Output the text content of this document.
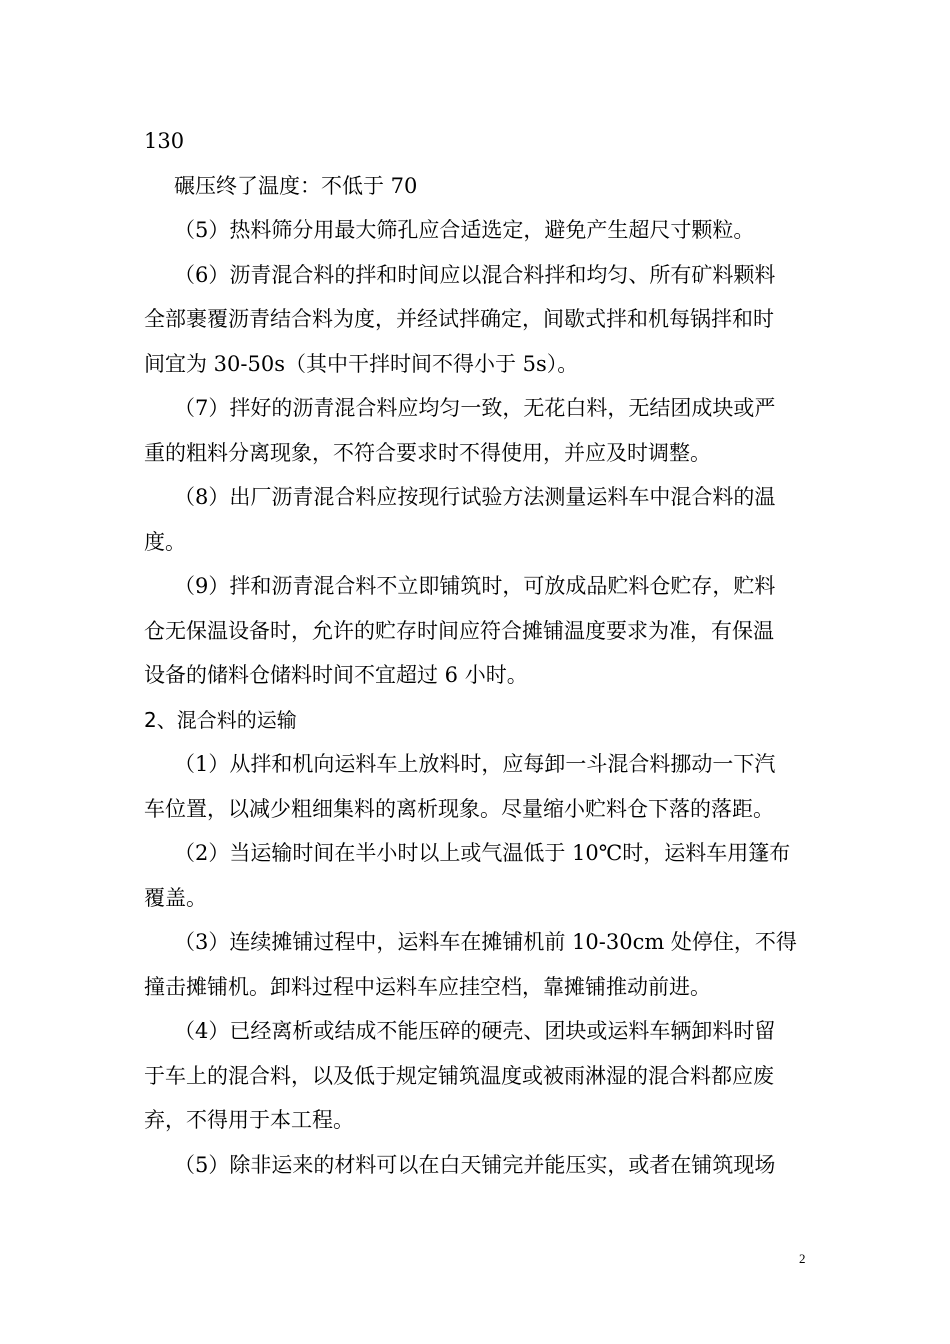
130

碾压终了温度：不低于 70

（5）热料筛分用最大筛孔应合适选定，避免产生超尺寸颗粒。

（6）沥青混合料的拌和时间应以混合料拌和均匀、所有矿料颗料

全部裹覆沥青结合料为度，并经试拌确定，间歇式拌和机每锅拌和时

间宜为 30-50s（其中干拌时间不得小于 5s）。

（7）拌好的沥青混合料应均匀一致，无花白料，无结团成块或严

重的粗料分离现象，不符合要求时不得使用，并应及时调整。

（8）出厂沥青混合料应按现行试验方法测量运料车中混合料的温

度。

（9）拌和沥青混合料不立即铺筑时，可放成品贮料仓贮存，贮料

仓无保温设备时，允许的贮存时间应符合摊铺温度要求为准，有保温

设备的储料仓储料时间不宜超过 6 小时。

2、混合料的运输

（1）从拌和机向运料车上放料时，应每卸一斗混合料挪动一下汽

车位置，以减少粗细集料的离析现象。尽量缩小贮料仓下落的落距。

（2）当运输时间在半小时以上或气温低于 10℃时，运料车用篷布

覆盖。

（3）连续摊铺过程中，运料车在摊铺机前 10-30cm 处停住，不得

撞击摊铺机。卸料过程中运料车应挂空档，靠摊铺推动前进。

（4）已经离析或结成不能压碎的硬壳、团块或运料车辆卸料时留

于车上的混合料，以及低于规定铺筑温度或被雨淋湿的混合料都应废

弃，不得用于本工程。

（5）除非运来的材料可以在白天铺完并能压实，或者在铺筑现场

2
